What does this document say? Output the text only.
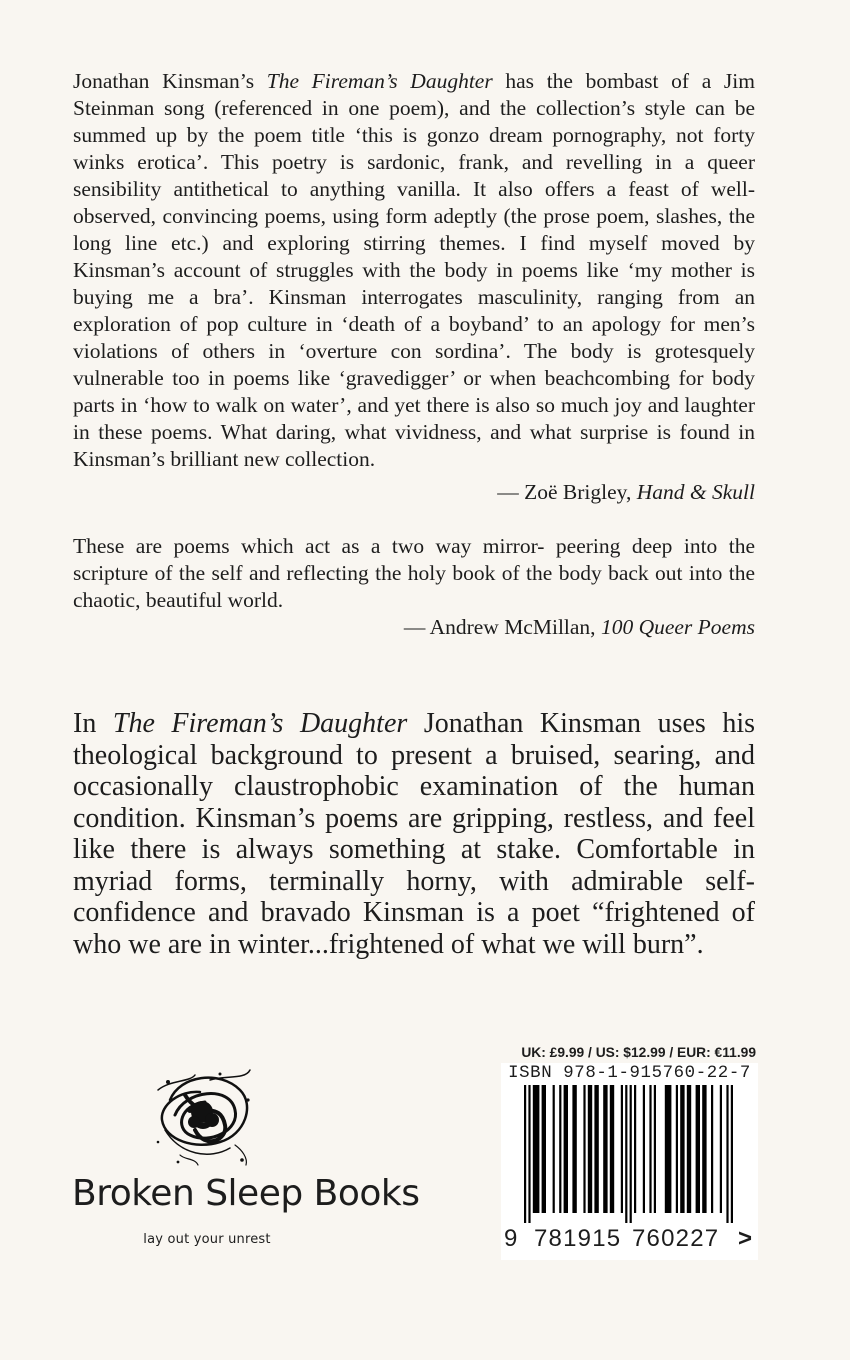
Jonathan Kinsman’s The Fireman’s Daughter has the bombast of a Jim Steinman song (referenced in one poem), and the collection’s style can be summed up by the poem title ‘this is gonzo dream pornography, not forty winks erotica’. This poetry is sardonic, frank, and revelling in a queer sensibility antithetical to anything vanilla. It also offers a feast of well-observed, convincing poems, using form adeptly (the prose poem, slashes, the long line etc.) and exploring stirring themes. I find myself moved by Kinsman’s account of struggles with the body in poems like ‘my mother is buying me a bra’. Kinsman interrogates masculinity, ranging from an exploration of pop culture in ‘death of a boyband’ to an apology for men’s violations of others in ‘overture con sordina’. The body is grotesquely vulnerable too in poems like ‘gravedigger’ or when beachcombing for body parts in ‘how to walk on water’, and yet there is also so much joy and laughter in these poems. What daring, what vividness, and what surprise is found in Kinsman’s brilliant new collection.

— Zoë Brigley, Hand & Skull

These are poems which act as a two way mirror- peering deep into the scripture of the self and reflecting the holy book of the body back out into the chaotic, beautiful world.

— Andrew McMillan, 100 Queer Poems

In The Fireman’s Daughter Jonathan Kinsman uses his theological background to present a bruised, searing, and occasionally claustrophobic examination of the human condition. Kinsman’s poems are gripping, restless, and feel like there is always something at stake. Comfortable in myriad forms, terminally horny, with admirable self-confidence and bravado Kinsman is a poet “frightened of who we are in winter...frightened of what we will burn”.

Broken Sleep Books
lay out your unrest
UK: £9.99 / US: $12.99 / EUR: €11.99
ISBN 978-1-915760-22-7
9 781915 760227 >
